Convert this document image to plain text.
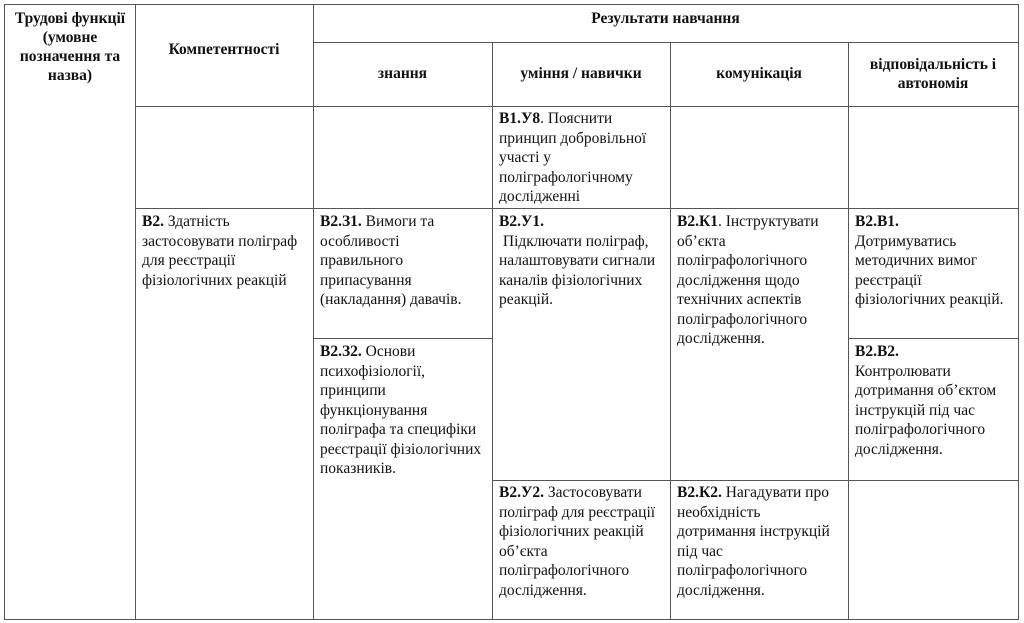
Трудові функції (умовне позначення та назва)
Компетентності
Результати навчання
знання	уміння / навички	комунікація
відповідальність і автономія
В1.У8. Пояснити принцип добровільної участі у поліграфологічному дослідженні
В2. Здатність застосовувати поліграф для реєстрації фізіологічних реакцій
В2.З1. Вимоги та особливості правильного припасування (накладання) давачів.
В2.З2. Основи психофізіології, принципи функціонування поліграфа та специфіки реєстрації фізіологічних показників.
В2.У1.
Підключати поліграф, налаштовувати сигнали каналів фізіологічних реакцій.
В2.У2. Застосовувати поліграф для реєстрації фізіологічних реакцій об’єкта поліграфологічного дослідження.
В2.К1. Інструктувати об’єкта поліграфологічного дослідження щодо технічних аспектів поліграфологічного дослідження.
В2.К2. Нагадувати про необхідність дотримання інструкцій під час поліграфологічного дослідження.
В2.В1.
Дотримуватись методичних вимог реєстрації фізіологічних реакцій.
В2.В2.
Контролювати дотримання об’єктом інструкцій під час поліграфологічного дослідження.
